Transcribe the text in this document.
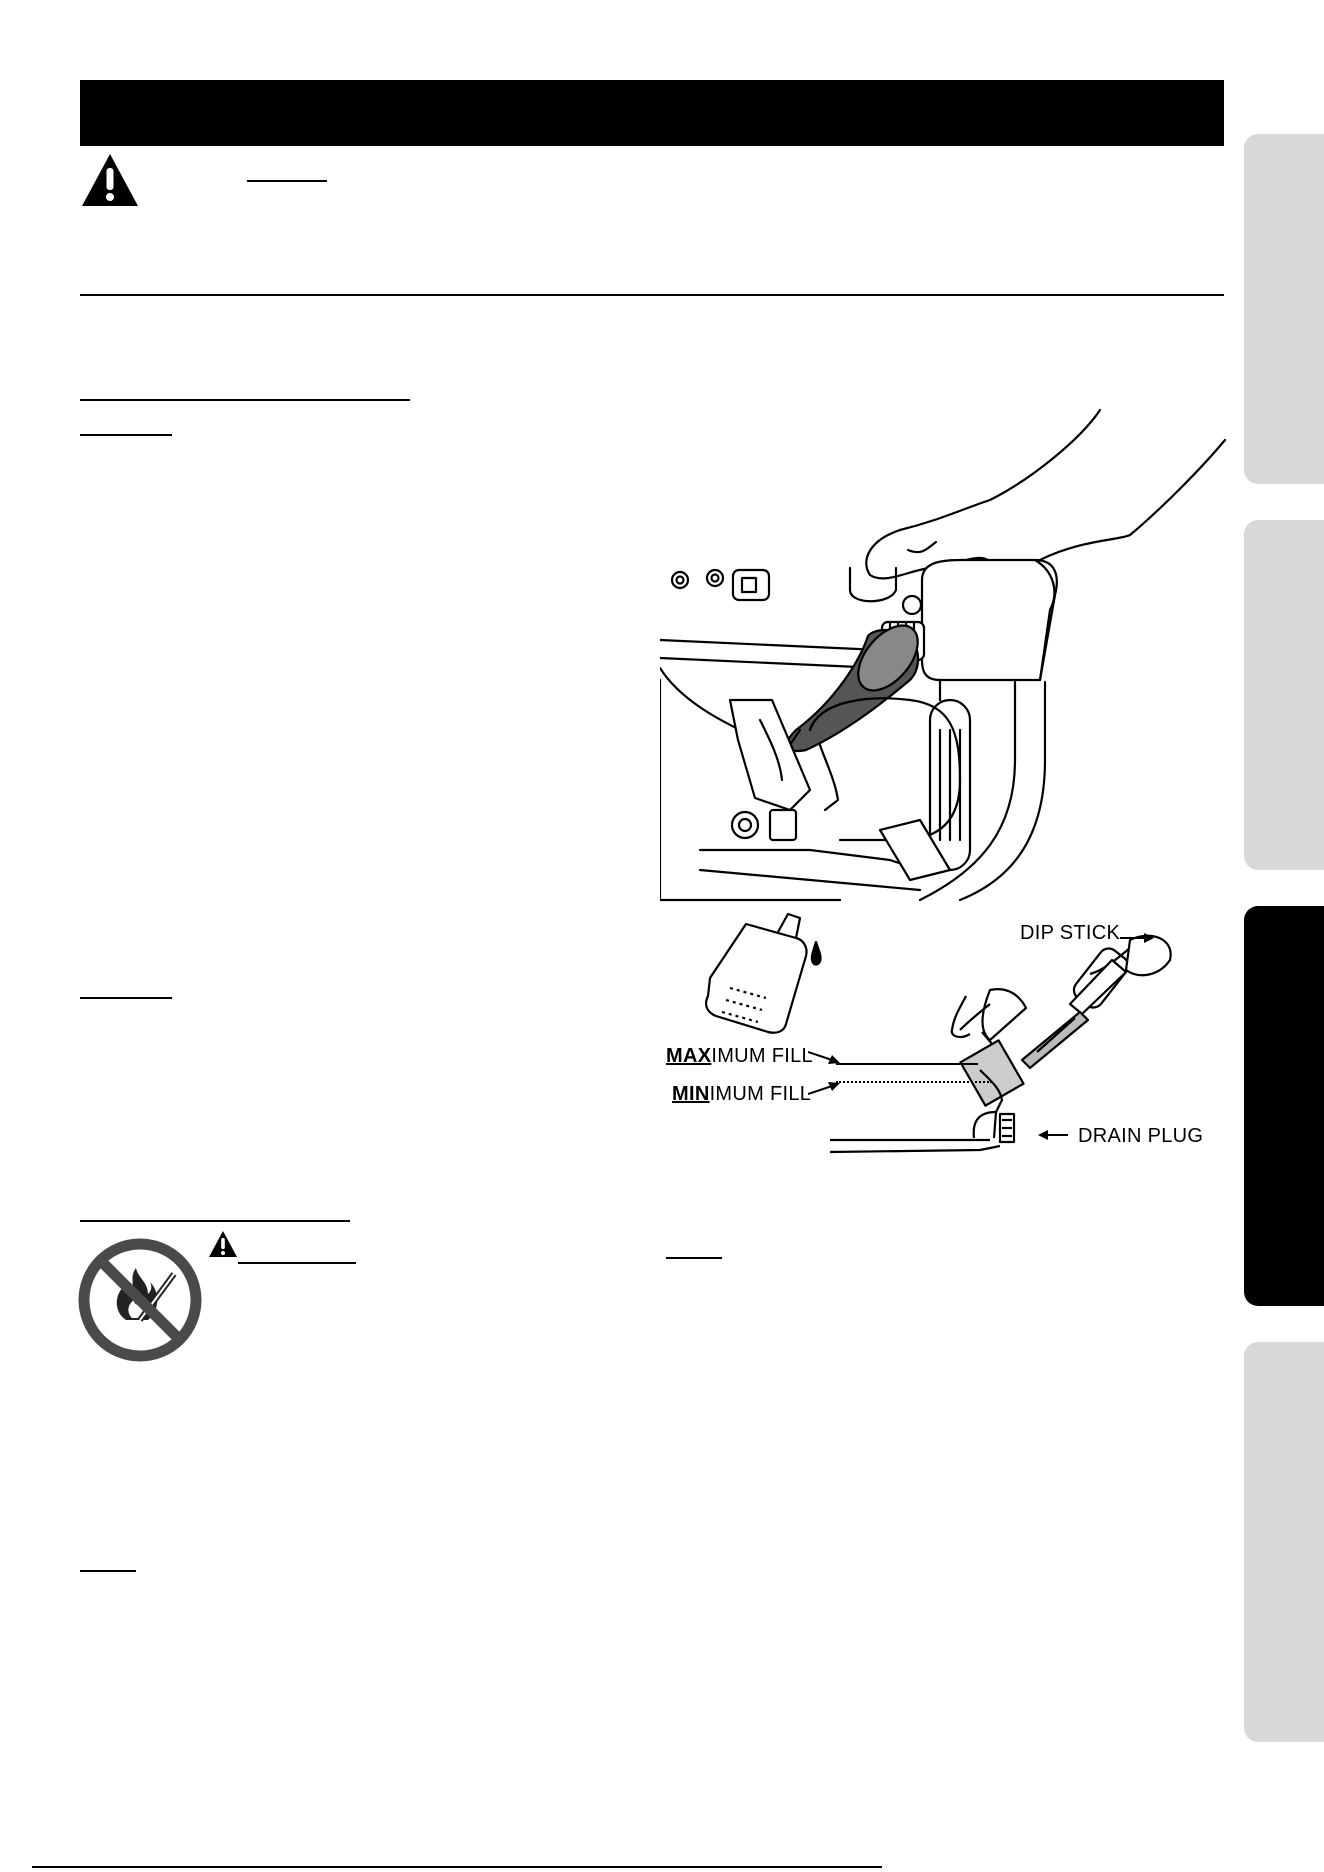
DIP STICK
MAXIMUM FILL
MINIMUM FILL
DRAIN PLUG
